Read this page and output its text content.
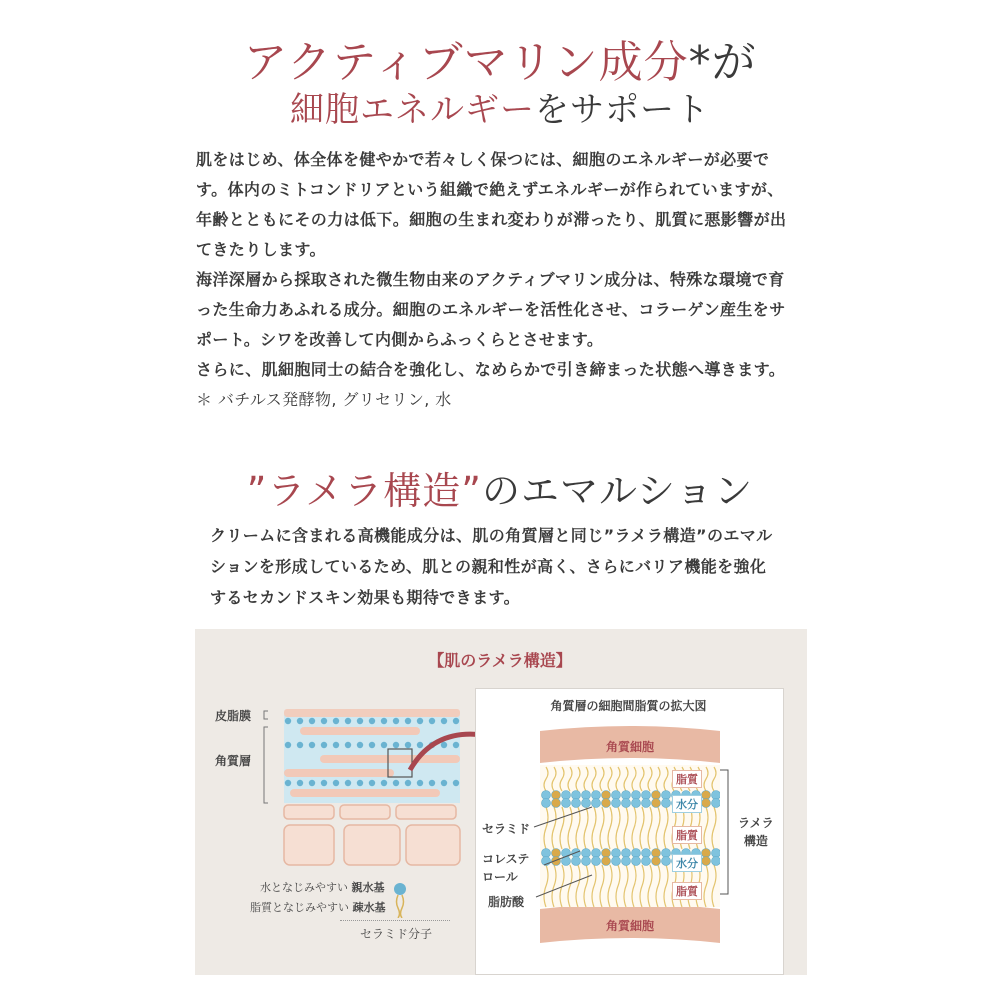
アクティブマリン成分*が
細胞エネルギーをサポート
肌をはじめ、体全体を健やかで若々しく保つには、細胞のエネルギーが必要で
す。体内のミトコンドリアという組織で絶えずエネルギーが作られていますが、
年齢とともにその力は低下。細胞の生まれ変わりが滞ったり、肌質に悪影響が出
てきたりします。
海洋深層から採取された微生物由来のアクティブマリン成分は、特殊な環境で育
った生命力あふれる成分。細胞のエネルギーを活性化させ、コラーゲン産生をサ
ポート。シワを改善して内側からふっくらとさせます。
さらに、肌細胞同士の結合を強化し、なめらかで引き締まった状態へ導きます。
＊ バチルス発酵物, グリセリン, 水
”ラメラ構造”のエマルション
クリームに含まれる高機能成分は、肌の角質層と同じ”ラメラ構造”のエマル
ションを形成しているため、肌との親和性が高く、さらにバリア機能を強化
するセカンドスキン効果も期待できます。
【肌のラメラ構造】
皮脂膜
角質層
水となじみやすい 親水基
脂質となじみやすい 疎水基
セラミド分子
角質層の細胞間脂質の拡大図
角質細胞
角質細胞
脂質
水分
脂質
水分
脂質
ラメラ
構造
セラミド
コレステ
ロール
脂肪酸
